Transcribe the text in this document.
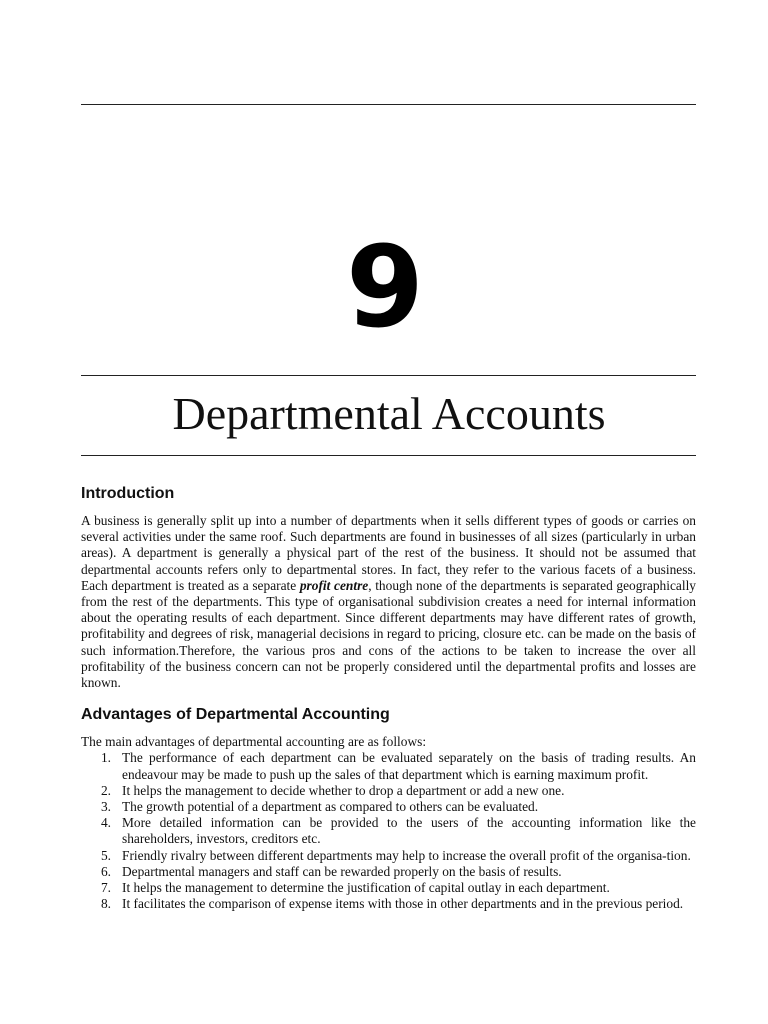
9
Departmental Accounts
Introduction

A business is generally split up into a number of departments when it sells different types of goods or carries on several activities under the same roof. Such departments are found in businesses of all sizes (particularly in urban areas). A department is generally a physical part of the rest of the business. It should not be assumed that departmental accounts refers only to departmental stores. In fact, they refer to the various facets of a business. Each department is treated as a separate profit centre, though none of the departments is separated geographically from the rest of the departments. This type of organisational subdivision creates a need for internal information about the operating results of each department. Since different departments may have different rates of growth, profitability and degrees of risk, managerial decisions in regard to pricing, closure etc. can be made on the basis of such information.Therefore, the various pros and cons of the actions to be taken to increase the over all profitability of the business concern can not be properly considered until the departmental profits and losses are known.

Advantages of Departmental Accounting

The main advantages of departmental accounting are as follows:

1. The performance of each department can be evaluated separately on the basis of trading results. An endeavour may be made to push up the sales of that department which is earning maximum profit.
2. It helps the management to decide whether to drop a department or add a new one.
3. The growth potential of a department as compared to others can be evaluated.
4. More detailed information can be provided to the users of the accounting information like the shareholders, investors, creditors etc.
5. Friendly rivalry between different departments may help to increase the overall profit of the organisa-tion.
6. Departmental managers and staff can be rewarded properly on the basis of results.
7. It helps the management to determine the justification of capital outlay in each department.
8. It facilitates the comparison of expense items with those in other departments and in the previous period.
